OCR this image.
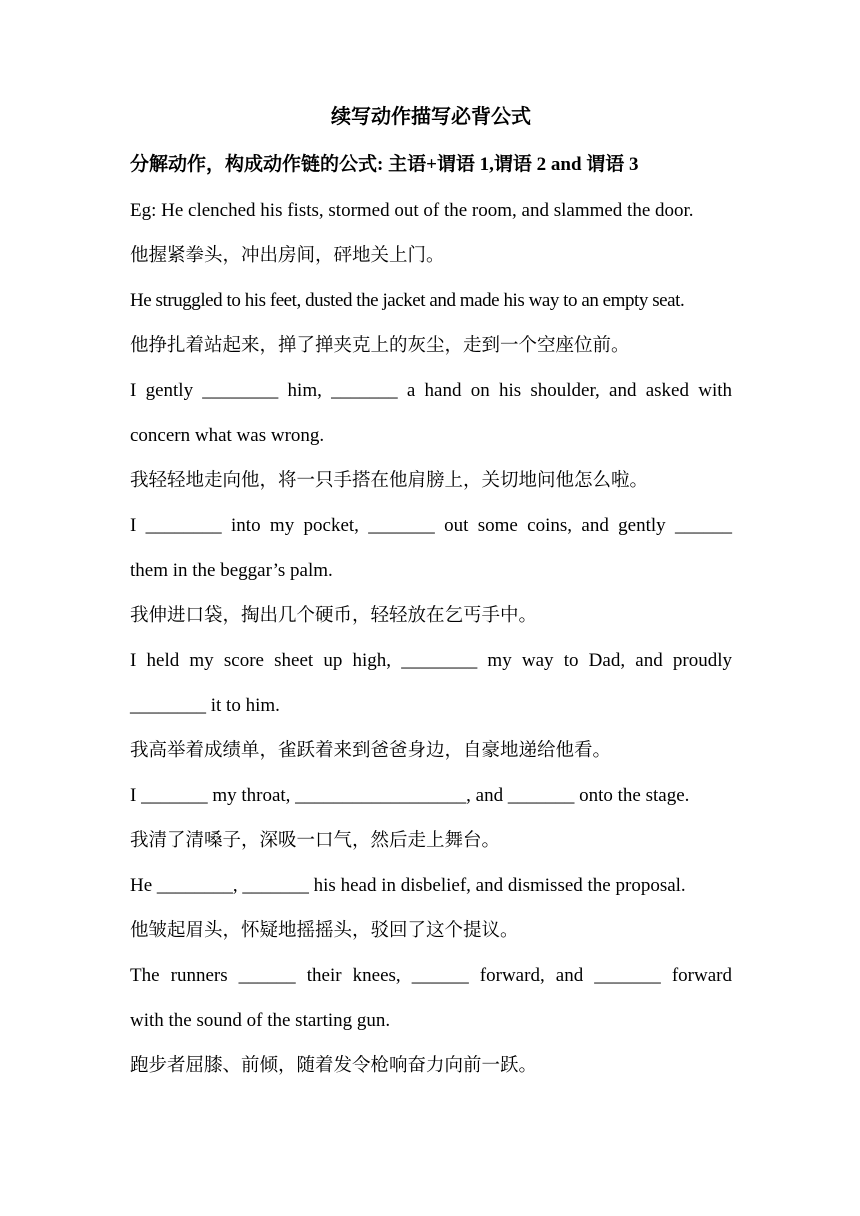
续写动作描写必背公式
分解动作，构成动作链的公式: 主语+谓语 1,谓语 2 and 谓语 3
Eg: He clenched his fists, stormed out of the room, and slammed the door.
他握紧拳头，冲出房间，砰地关上门。
He struggled to his feet, dusted the jacket and made his way to an empty seat.
他挣扎着站起来，掸了掸夹克上的灰尘，走到一个空座位前。
I gently ________ him, _______ a hand on his shoulder, and asked with
concern what was wrong.
我轻轻地走向他，将一只手搭在他肩膀上，关切地问他怎么啦。
I ________ into my pocket, _______ out some coins, and gently ______
them in the beggar’s palm.
我伸进口袋，掏出几个硬币，轻轻放在乞丐手中。
I held my score sheet up high, ________ my way to Dad, and proudly
________ it to him.
我高举着成绩单，雀跃着来到爸爸身边，自豪地递给他看。
I _______ my throat, __________________, and _______ onto the stage.
我清了清嗓子，深吸一口气，然后走上舞台。
He ________, _______ his head in disbelief, and dismissed the proposal.
他皱起眉头，怀疑地摇摇头，驳回了这个提议。
The runners ______ their knees, ______ forward, and _______ forward
with the sound of the starting gun.
跑步者屈膝、前倾，随着发令枪响奋力向前一跃。
